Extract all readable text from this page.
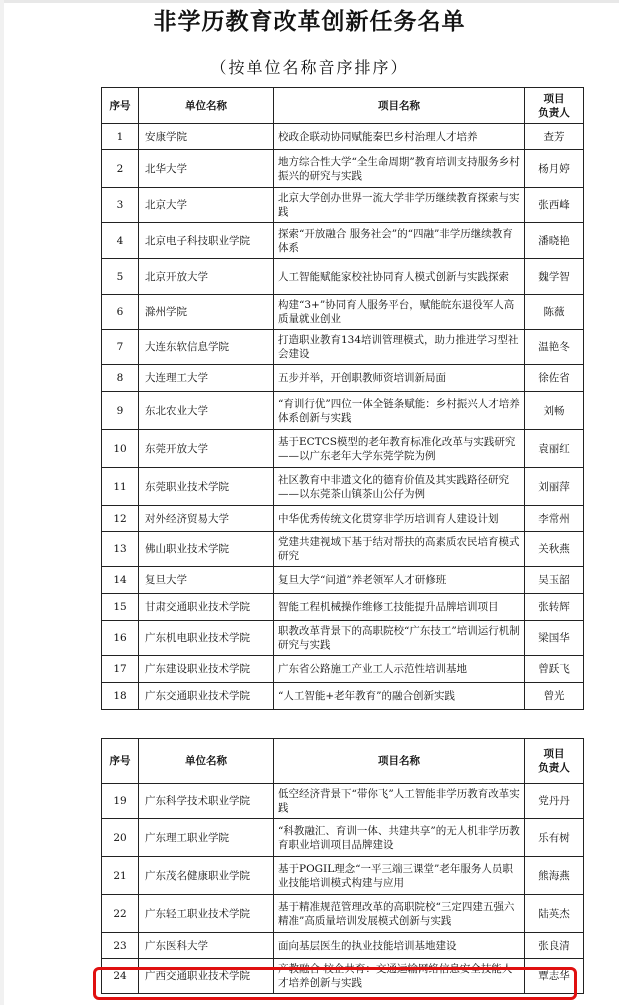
非学历教育改革创新任务名单
（按单位名称音序排序）
序号	单位名称	项目名称	项目
负责人

1	安康学院	校政企联动协同赋能秦巴乡村治理人才培养	查芳
2	北华大学	地方综合性大学“全生命周期”教育培训支持服务乡村振兴的研究与实践	杨月婷
3	北京大学	北京大学创办世界一流大学非学历继续教育探索与实践	张西峰
4	北京电子科技职业学院	探索“开放融合 服务社会”的“四融”非学历继续教育体系	潘晓艳
5	北京开放大学	人工智能赋能家校社协同育人模式创新与实践探索	魏学智
6	滁州学院	构建“3+”协同育人服务平台，赋能皖东退役军人高质量就业创业	陈薇
7	大连东软信息学院	打造职业教育134培训管理模式，助力推进学习型社会建设	温艳冬
8	大连理工大学	五步并举，开创职教师资培训新局面	徐佐省
9	东北农业大学	“育训行优”四位一体全链条赋能：乡村振兴人才培养体系创新与实践	刘畅
10	东莞开放大学	基于ECTCS模型的老年教育标准化改革与实践研究——以广东老年大学东莞学院为例	袁丽红
11	东莞职业技术学院	社区教育中非遗文化的德育价值及其实践路径研究——以东莞茶山镇茶山公仔为例	刘丽萍
12	对外经济贸易大学	中华优秀传统文化贯穿非学历培训育人建设计划	李常州
13	佛山职业技术学院	党建共建视域下基于结对帮扶的高素质农民培育模式研究	关秋燕
14	复旦大学	复旦大学“问道”养老领军人才研修班	吴玉韶
15	甘肃交通职业技术学院	智能工程机械操作维修工技能提升品牌培训项目	张转辉
16	广东机电职业技术学院	职教改革背景下的高职院校“广东技工”培训运行机制研究与实践	梁国华
17	广东建设职业技术学院	广东省公路施工产业工人示范性培训基地	曾跃飞
18	广东交通职业技术学院	“人工智能+老年教育”的融合创新实践	曾光
序号	单位名称	项目名称	项目
负责人

19	广东科学技术职业学院	低空经济背景下“带你飞”人工智能非学历教育改革实践	党丹丹
20	广东理工职业学院	“科教融汇、育训一体、共建共享”的无人机非学历教育职业培训项目品牌建设	乐有树
21	广东茂名健康职业学院	基于POGIL理念“一平三端三课堂”老年服务人员职业技能培训模式构建与应用	熊海燕
22	广东轻工职业技术学院	基于精准规范管理改革的高职院校“三定四建五强六精准”高质量培训发展模式创新与实践	陆英杰
23	广东医科大学	面向基层医生的执业技能培训基地建设	张良清
24	广西交通职业技术学院	产教融合 校企共育：交通运输网络信息安全技能人才培养创新与实践	覃志华
